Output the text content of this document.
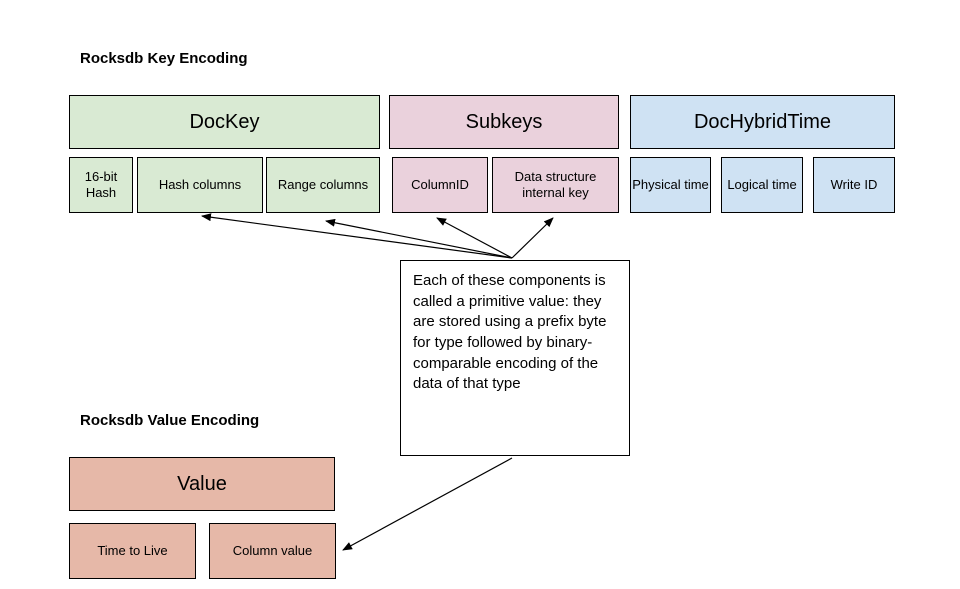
Rocksdb Key Encoding
Rocksdb Value Encoding
DocKey	Subkeys	DocHybridTime
16-bit Hash
Hash columns	Range columns	ColumnID
Data structure internal key
Physical time	Logical time	Write ID
Value
Time to Live	Column value
Each of these components is called a primitive value: they are stored using a prefix byte for type followed by binary-comparable encoding of the data of that type
